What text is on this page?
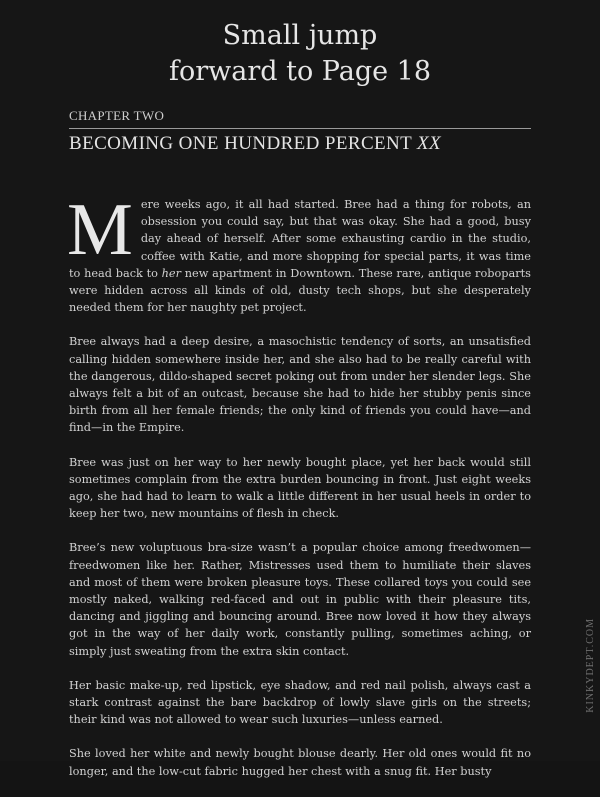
Small jump
forward to Page 18
CHAPTER TWO
BECOMING ONE HUNDRED PERCENT XX

Mere weeks ago, it all had started. Bree had a thing for robots, an obsession you could say, but that was okay. She had a good, busy day ahead of herself. After some exhausting cardio in the studio, coffee with Katie, and more shopping for special parts, it was time to head back to her new apartment in Downtown. These rare, antique roboparts were hidden across all kinds of old, dusty tech shops, but she desperately needed them for her naughty pet project.

Bree always had a deep desire, a masochistic tendency of sorts, an unsatisfied calling hidden somewhere inside her, and she also had to be really careful with the dangerous, dildo-shaped secret poking out from under her slender legs. She always felt a bit of an outcast, because she had to hide her stubby penis since birth from all her female friends; the only kind of friends you could have—and find—in the Empire.

Bree was just on her way to her newly bought place, yet her back would still sometimes complain from the extra burden bouncing in front. Just eight weeks ago, she had had to learn to walk a little different in her usual heels in order to keep her two, new mountains of flesh in check.

Bree’s new voluptuous bra-size wasn’t a popular choice among freedwomen—freedwomen like her. Rather, Mistresses used them to humiliate their slaves and most of them were broken pleasure toys. These collared toys you could see mostly naked, walking red-faced and out in public with their pleasure tits, dancing and jiggling and bouncing around. Bree now loved it how they always got in the way of her daily work, constantly pulling, sometimes aching, or simply just sweating from the extra skin contact.

Her basic make-up, red lipstick, eye shadow, and red nail polish, always cast a stark contrast against the bare backdrop of lowly slave girls on the streets; their kind was not allowed to wear such luxuries—unless earned.

She loved her white and newly bought blouse dearly. Her old ones would fit no longer, and the low-cut fabric hugged her chest with a snug fit. Her busty

KINKYDEPT.COM
